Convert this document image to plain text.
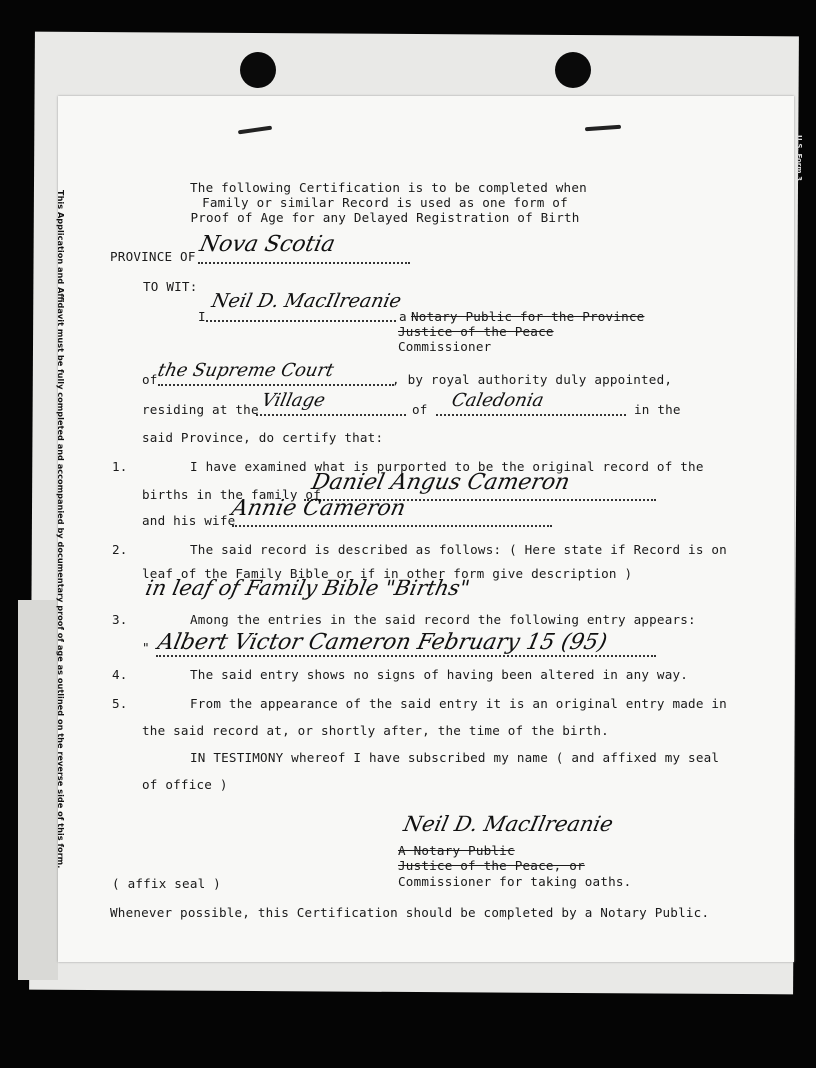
This Application and Affidavit must be fully completed and accompanied by documentary proof of age as outlined on the reverse side of this form.
U.S. Form 3
The following Certification is to be completed when
Family or similar Record is used as one form of
Proof of Age for any Delayed Registration of Birth
PROVINCE OF Nova Scotia
TO WIT:
I
Neil D. MacIlreanie
a Notary Public for the Province
Justice of the Peace
Commissioner
of
the Supreme Court	, by royal authority duly appointed,
residing at the Village	of Caledonia	in the
said Province, do certify that:
1.	I have examined what is purported to be the original record of the
births in the family of
Daniel Angus Cameron
and his wife
Annie Cameron
2.	The said record is described as follows: ( Here state if Record is on
leaf of the Family Bible or if in other form give description )
in leaf of Family Bible "Births"
3.	Among the entries in the said record the following entry appears:
" Albert Victor Cameron February 15 (95)
4.	The said entry shows no signs of having been altered in any way.
5.	From the appearance of the said entry it is an original entry made in
the said record at, or shortly after, the time of the birth.
IN TESTIMONY whereof I have subscribed my name ( and affixed my seal
of office )
Neil D. MacIlreanie
A Notary Public
Justice of the Peace, or
Commissioner for taking oaths.
( affix seal )
Whenever possible, this Certification should be completed by a Notary Public.
